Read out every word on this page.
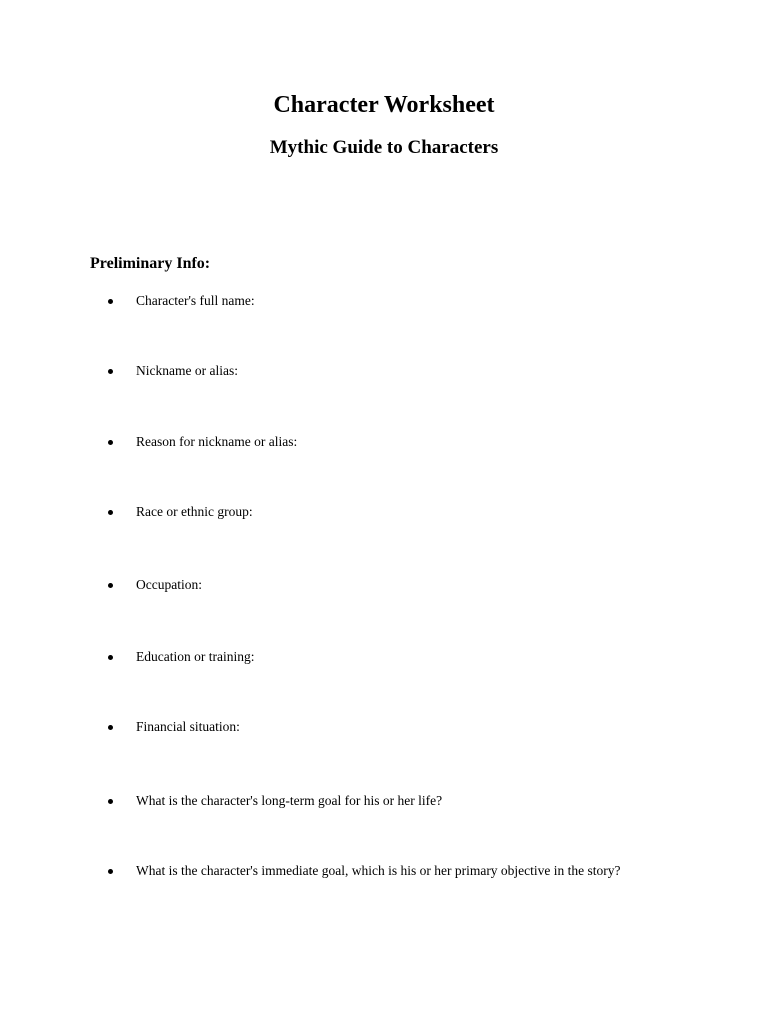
Character Worksheet
Mythic Guide to Characters
Preliminary Info:
Character's full name:
Nickname or alias:
Reason for nickname or alias:
Race or ethnic group:
Occupation:
Education or training:
Financial situation:
What is the character's long-term goal for his or her life?
What is the character's immediate goal, which is his or her primary objective in the story?
